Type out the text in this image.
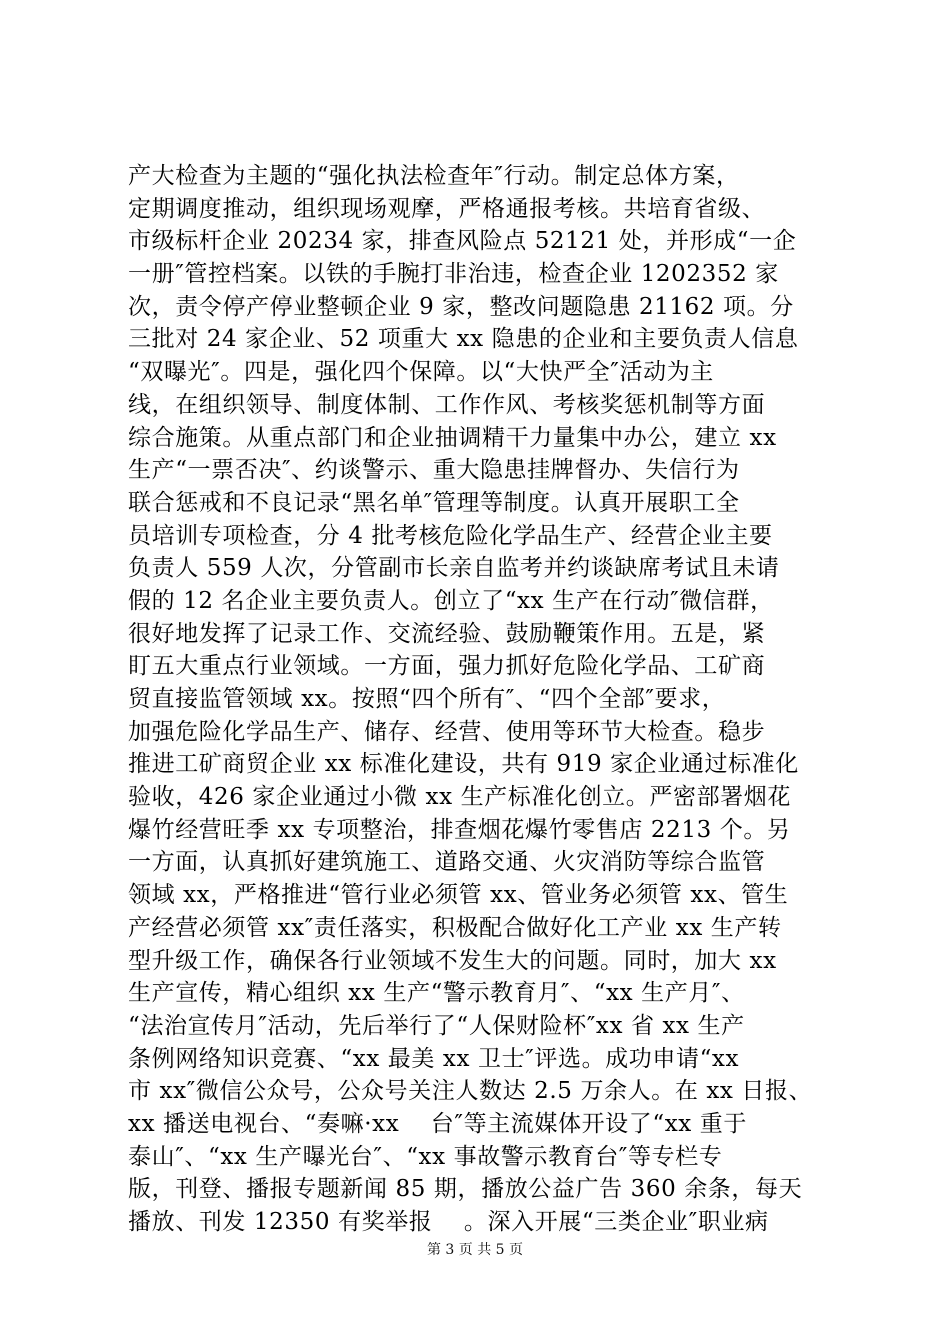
产大检查为主题的“强化执法检查年″行动。制定总体方案，
定期调度推动，组织现场观摩，严格通报考核。共培育省级、
市级标杆企业 20234 家，排查风险点 52121 处，并形成“一企
一册″管控档案。以铁的手腕打非治违，检查企业 1202352 家
次，责令停产停业整顿企业 9 家，整改问题隐患 21162 项。分
三批对 24 家企业、52 项重大 xx 隐患的企业和主要负责人信息
“双曝光″。四是，强化四个保障。以“大快严全″活动为主
线，在组织领导、制度体制、工作作风、考核奖惩机制等方面
综合施策。从重点部门和企业抽调精干力量集中办公，建立 xx
生产“一票否决″、约谈警示、重大隐患挂牌督办、失信行为
联合惩戒和不良记录“黑名单″管理等制度。认真开展职工全
员培训专项检查，分 4 批考核危险化学品生产、经营企业主要
负责人 559 人次，分管副市长亲自监考并约谈缺席考试且未请
假的 12 名企业主要负责人。创立了“xx 生产在行动″微信群，
很好地发挥了记录工作、交流经验、鼓励鞭策作用。五是，紧
盯五大重点行业领域。一方面，强力抓好危险化学品、工矿商
贸直接监管领域 xx。按照“四个所有″、“四个全部″要求，
加强危险化学品生产、储存、经营、使用等环节大检查。稳步
推进工矿商贸企业 xx 标准化建设，共有 919 家企业通过标准化
验收，426 家企业通过小微 xx 生产标准化创立。严密部署烟花
爆竹经营旺季 xx 专项整治，排查烟花爆竹零售店 2213 个。另
一方面，认真抓好建筑施工、道路交通、火灾消防等综合监管
领域 xx，严格推进“管行业必须管 xx、管业务必须管 xx、管生
产经营必须管 xx″责任落实，积极配合做好化工产业 xx 生产转
型升级工作，确保各行业领域不发生大的问题。同时，加大 xx
生产宣传，精心组织 xx 生产“警示教育月″、“xx 生产月″、
“法治宣传月″活动，先后举行了“人保财险杯″xx 省 xx 生产
条例网络知识竞赛、“xx 最美 xx 卫士″评选。成功申请“xx
市 xx″微信公众号，公众号关注人数达 2.5 万余人。在 xx 日报、
xx 播送电视台、“奏嘛·xx　 台″等主流媒体开设了“xx 重于
泰山″、“xx 生产曝光台″、“xx 事故警示教育台″等专栏专
版，刊登、播报专题新闻 85 期，播放公益广告 360 余条，每天
播放、刊发 12350 有奖举报　 。深入开展“三类企业″职业病
第 3 页 共 5 页
